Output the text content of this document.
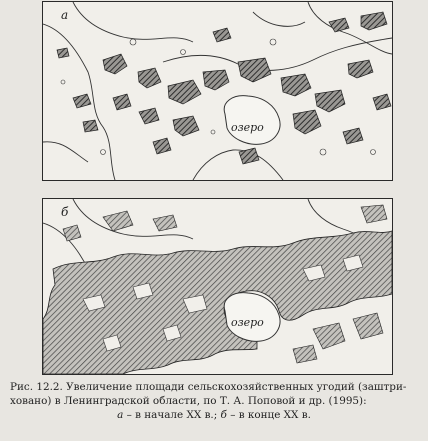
а
озеро
б
озеро
Рис. 12.2. Увеличение площади сельскохозяйственных угодий (заштри-
ховано) в Ленинградской области, по Т. А. Поповой и др. (1995):
а – в начале XX в.; б – в конце XX в.
